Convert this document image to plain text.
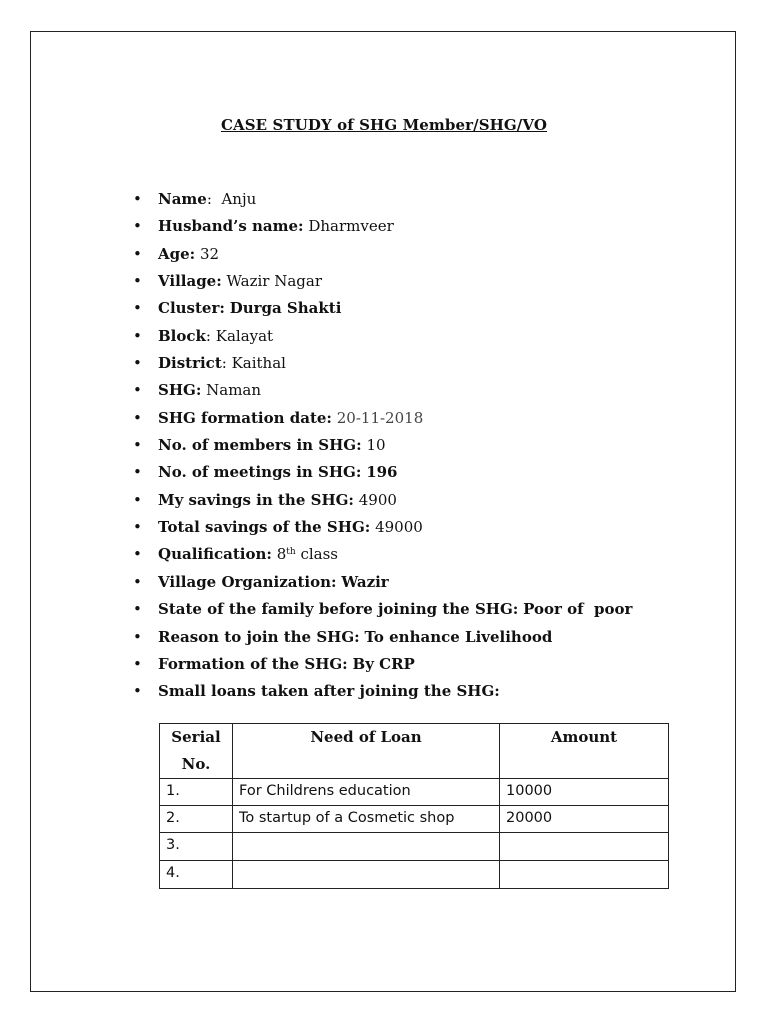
CASE STUDY of SHG Member/SHG/VO
• Name:  Anju
• Husband’s name: Dharmveer
• Age: 32
• Village: Wazir Nagar
• Cluster: Durga Shakti
• Block: Kalayat
• District: Kaithal
• SHG: Naman
• SHG formation date: 20-11-2018
• No. of members in SHG: 10
• No. of meetings in SHG: 196
• My savings in the SHG: 4900
• Total savings of the SHG: 49000
• Qualification: 8th class
• Village Organization: Wazir
• State of the family before joining the SHG: Poor of  poor
• Reason to join the SHG: To enhance Livelihood
• Formation of the SHG: By CRP
• Small loans taken after joining the SHG:
Serial
No.	Need of Loan	Amount
1.	For Childrens education	10000
2.	To startup of a Cosmetic shop	20000
3.		
4.		
